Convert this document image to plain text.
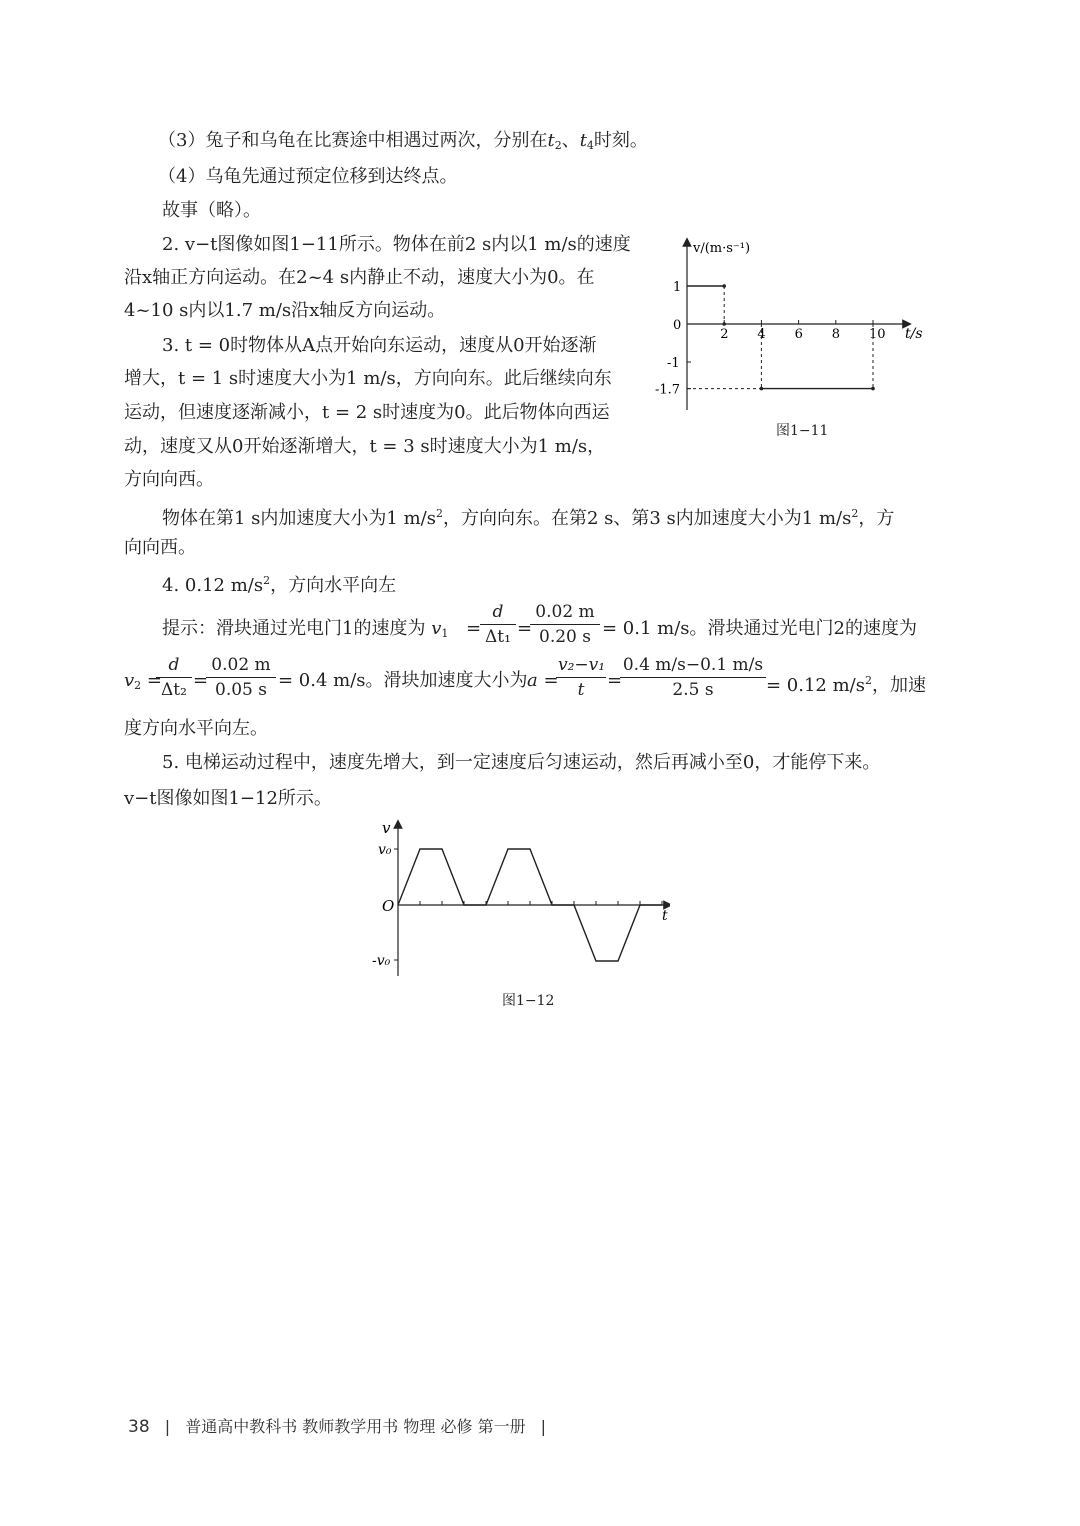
（3）兔子和乌龟在比赛途中相遇过两次，分别在$t_2$、$t_4$时刻。
（4）乌龟先通过预定位移到达终点。
故事（略）。
2. v−t图像如图1−11所示。物体在前2 s内以1 m/s的速度
沿x轴正方向运动。在2~4 s内静止不动，速度大小为0。在
4~10 s内以1.7 m/s沿x轴反方向运动。
3. t = 0时物体从A点开始向东运动，速度从0开始逐渐
增大，t = 1 s时速度大小为1 m/s，方向向东。此后继续向东
运动，但速度逐渐减小，t = 2 s时速度为0。此后物体向西运
动，速度又从0开始逐渐增大，t = 3 s时速度大小为1 m/s，
方向向西。
物体在第1 s内加速度大小为1 $m/s^2$，方向向东。在第2 s、第3 s内加速度大小为1 $m/s^2$，方
向向西。
4. 0.12 $m/s^2$，方向水平向左
提示：滑块通过光电门1的速度为 $v_1$ =
$\frac{d}{\text{Δt₁}}$ =
$\frac{0.02 m}{0.20 s} = 0.1$ m/s。滑块通过光电门2的速度为
$v_2$ =
$\frac{d}{\text{Δt₂}}$ =
$\frac{0.02 m}{0.05 s} = 0.4$ m/s。滑块加速度大小为 a =
$\frac{\text{v₂−v₁}}{t}$ =
$\frac{0.4 m/s-0.1 m/s}{2.5 s} = 0.12$ $m/s^2$，加速
度方向水平向左。
5. 电梯运动过程中，速度先增大，到一定速度后匀速运动，然后再减小至0，才能停下来。
v−t图像如图1−12所示。
v/(m·s⁻¹)
t/s
2 4 6 8 10
1
0
-1
-1.7
图1−11
v
t
O
v₀
-v₀
图1−12
38 | 普通高中教科书 教师教学用书 物理 必修 第一册 |
